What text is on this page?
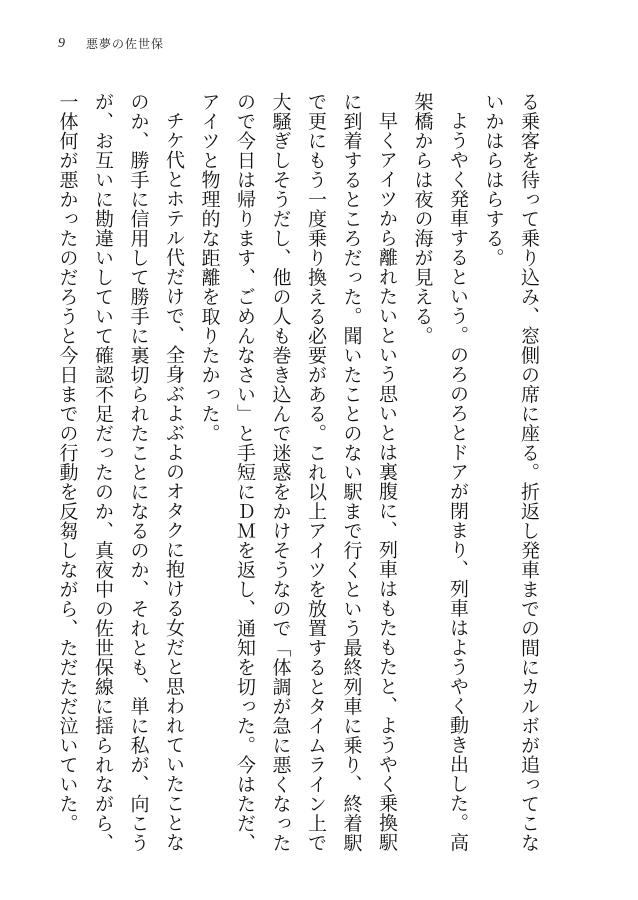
9 悪夢の佐世保

る乗客を待って乗り込み、窓側の席に座る。折返し発車までの間にカルボが追ってこないかはらはらする。

ようやく発車するという。のろのろとドアが閉まり、列車はようやく動き出した。高架橋からは夜の海が見える。

早くアイツから離れたいという思いとは裏腹に、列車はもたもたと、ようやく乗換駅に到着するところだった。聞いたことのない駅まで行くという最終列車に乗り、終着駅で更にもう一度乗り換える必要がある。これ以上アイツを放置するとタイムライン上で大騒ぎしそうだし、他の人も巻き込んで迷惑をかけそうなので「体調が急に悪くなったので今日は帰ります、ごめんなさい」と手短にＤＭを返し、通知を切った。今はただ、アイツと物理的な距離を取りたかった。

チケ代とホテル代だけで、全身ぶよぶよのオタクに抱ける女だと思われていたことなのか、勝手に信用して勝手に裏切られたことになるのか、それとも、単に私が、向こうが、お互いに勘違いしていて確認不足だったのか、真夜中の佐世保線に揺られながら、一体何が悪かったのだろうと今日までの行動を反芻しながら、ただただ泣いていた。
